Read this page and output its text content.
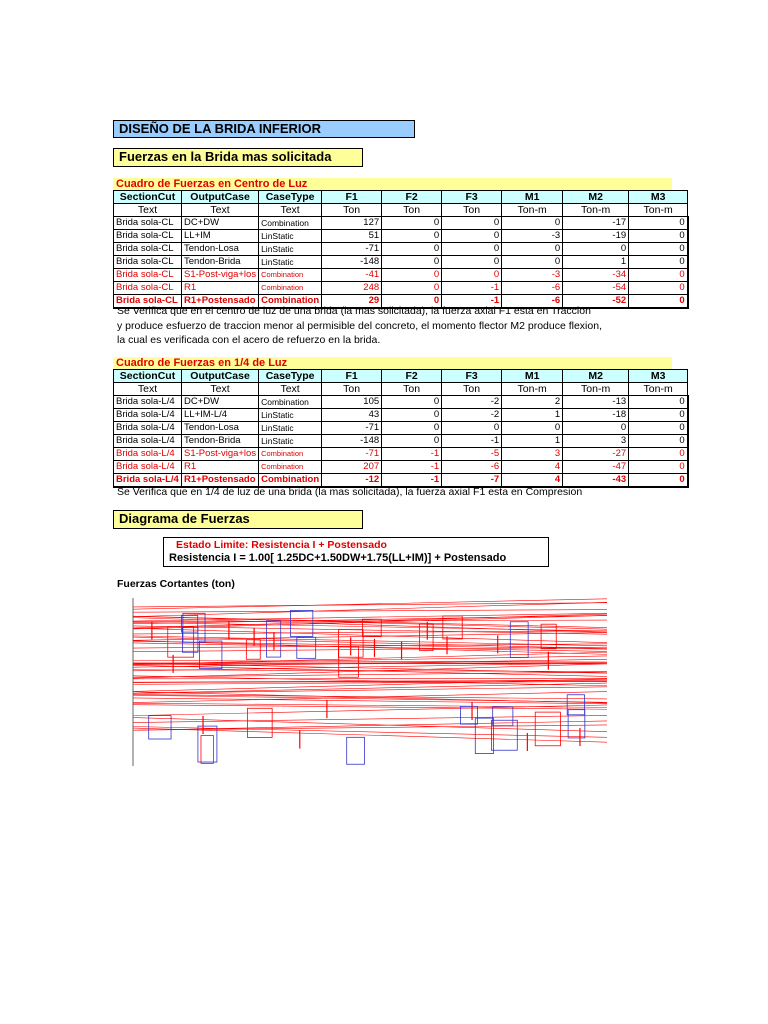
DISEÑO DE LA BRIDA INFERIOR
Fuerzas en la Brida mas solicitada
Cuadro de Fuerzas en Centro de Luz
SectionCut	OutputCase	CaseType	F1	F2	F3	M1	M2	M3
Text	Text	Text	Ton	Ton	Ton	Ton-m	Ton-m	Ton-m
Brida sola-CL	DC+DW	Combination	127	0	0	0	-17	0
Brida sola-CL	LL+IM	LinStatic	51	0	0	-3	-19	0
Brida sola-CL	Tendon-Losa	LinStatic	-71	0	0	0	0	0
Brida sola-CL	Tendon-Brida	LinStatic	-148	0	0	0	1	0
Brida sola-CL	S1-Post-viga+los	Combination	-41	0	0	-3	-34	0
Brida sola-CL	R1	Combination	248	0	-1	-6	-54	0
Brida sola-CL	R1+Postensado	Combination	29	0	-1	-6	-52	0
Se Verifica que en el centro de luz de una brida (la mas solicitada), la fuerza axial F1 esta en Traccion
y produce esfuerzo de traccion menor al permisible del concreto, el momento flector M2 produce flexion,
la cual es verificada con el acero de refuerzo en la brida.
Cuadro de Fuerzas en 1/4 de Luz
SectionCut	OutputCase	CaseType	F1	F2	F3	M1	M2	M3
Text	Text	Text	Ton	Ton	Ton	Ton-m	Ton-m	Ton-m
Brida sola-L/4	DC+DW	Combination	105	0	-2	2	-13	0
Brida sola-L/4	LL+IM-L/4	LinStatic	43	0	-2	1	-18	0
Brida sola-L/4	Tendon-Losa	LinStatic	-71	0	0	0	0	0
Brida sola-L/4	Tendon-Brida	LinStatic	-148	0	-1	1	3	0
Brida sola-L/4	S1-Post-viga+los	Combination	-71	-1	-5	3	-27	0
Brida sola-L/4	R1	Combination	207	-1	-6	4	-47	0
Brida sola-L/4	R1+Postensado	Combination	-12	-1	-7	4	-43	0
Se Verifica que en 1/4 de luz de una brida (la mas solicitada), la fuerza axial F1 esta en Compresion
Diagrama de Fuerzas
Estado Limite: Resistencia I + Postensado
Resistencia I = 1.00[ 1.25DC+1.50DW+1.75(LL+IM)] + Postensado
Fuerzas Cortantes (ton)
